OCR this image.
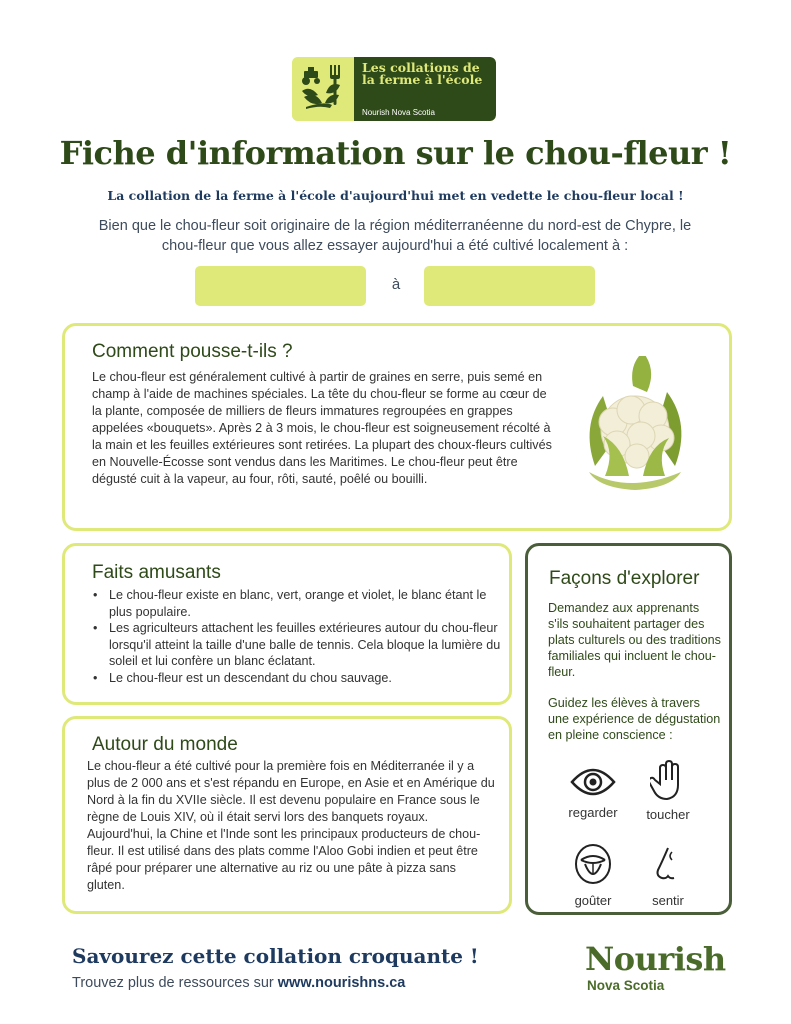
Les collations de la ferme à l'école
Nourish Nova Scotia
Fiche d'information sur le chou-fleur !
La collation de la ferme à l'école d'aujourd'hui met en vedette le chou-fleur local !
Bien que le chou-fleur soit originaire de la région méditerranéenne du nord-est de Chypre, le chou-fleur que vous allez essayer aujourd'hui a été cultivé localement à :
à
Comment pousse-t-ils ?

Le chou-fleur est généralement cultivé à partir de graines en serre, puis semé en champ à l'aide de machines spéciales. La tête du chou-fleur se forme au cœur de la plante, composée de milliers de fleurs immatures regroupées en grappes appelées «bouquets». Après 2 à 3 mois, le chou-fleur est soigneusement récolté à la main et les feuilles extérieures sont retirées. La plupart des choux-fleurs cultivés en Nouvelle-Écosse sont vendus dans les Maritimes. Le chou-fleur peut être dégusté cuit à la vapeur, au four, rôti, sauté, poêlé ou bouilli.

Faits amusants
• Le chou-fleur existe en blanc, vert, orange et violet, le blanc étant le plus populaire.
• Les agriculteurs attachent les feuilles extérieures autour du chou-fleur lorsqu'il atteint la taille d'une balle de tennis. Cela bloque la lumière du soleil et lui confère un blanc éclatant.
• Le chou-fleur est un descendant du chou sauvage.
Autour du monde

Le chou-fleur a été cultivé pour la première fois en Méditerranée il y a plus de 2 000 ans et s'est répandu en Europe, en Asie et en Amérique du Nord à la fin du XVIIe siècle. Il est devenu populaire en France sous le règne de Louis XIV, où il était servi lors des banquets royaux. Aujourd'hui, la Chine et l'Inde sont les principaux producteurs de chou-fleur. Il est utilisé dans des plats comme l'Aloo Gobi indien et peut être râpé pour préparer une alternative au riz ou une pâte à pizza sans gluten.

Façons d'explorer

Demandez aux apprenants s'ils souhaitent partager des plats culturels ou des traditions familiales qui incluent le chou-fleur.

Guidez les élèves à travers une expérience de dégustation en pleine conscience :

regarder	toucher
goûter	sentir
Savourez cette collation croquante !
Trouvez plus de ressources sur www.nourishns.ca
Nourish
Nova Scotia
